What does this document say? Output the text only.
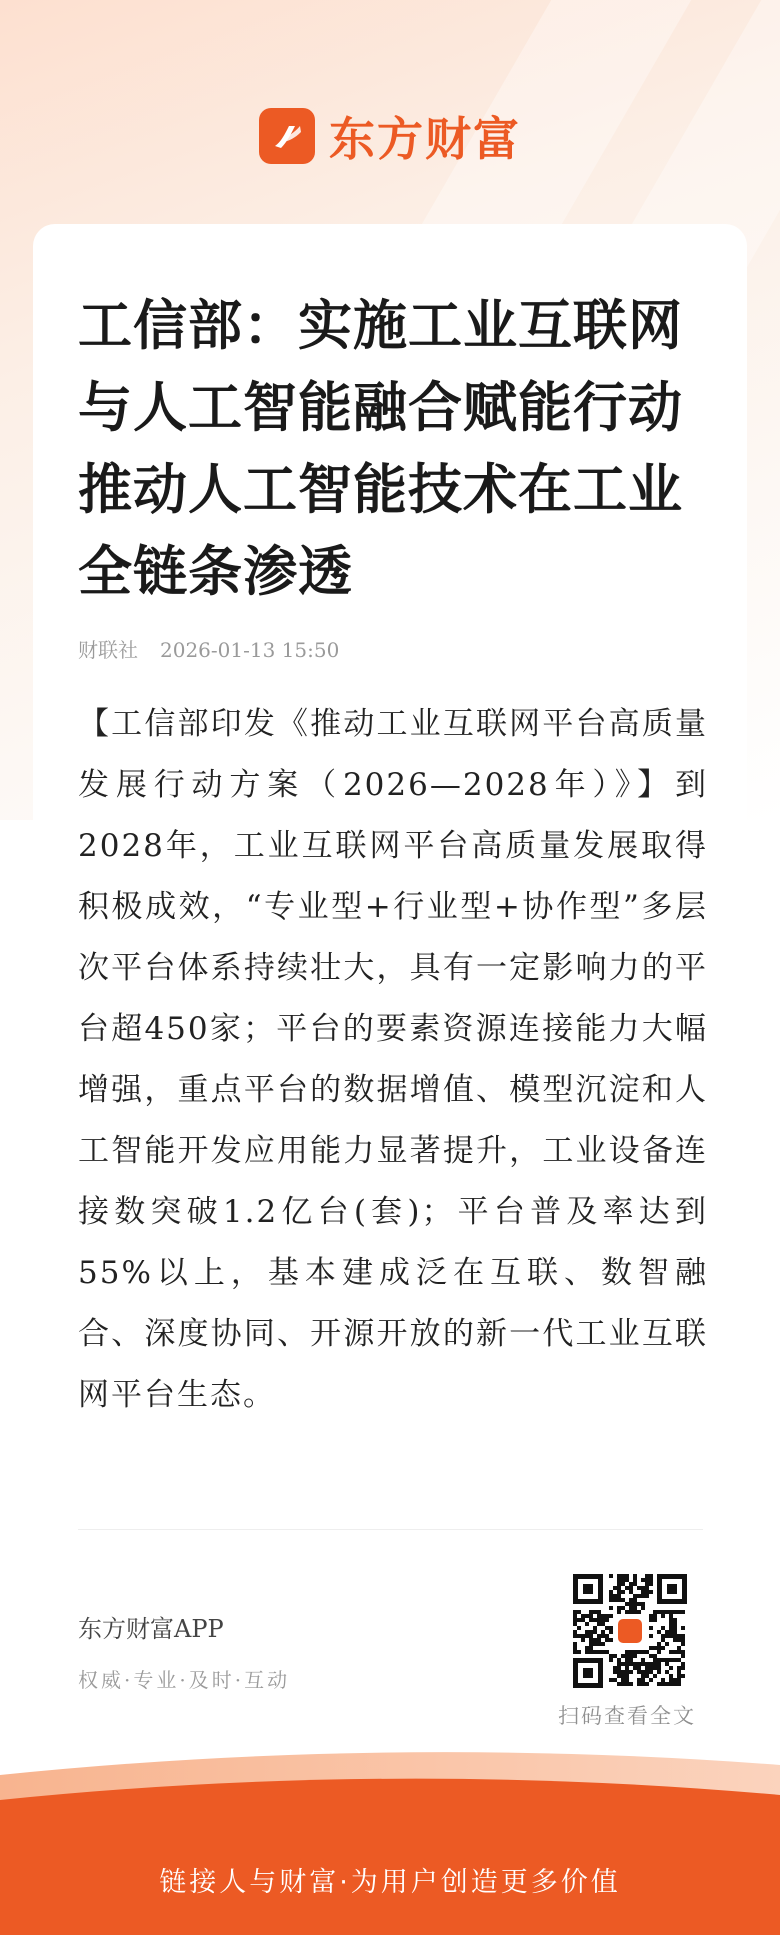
东方财富
工信部：实施工业互联网与人工智能融合赋能行动 推动人工智能技术在工业全链条渗透
财联社 2026-01-13 15:50

【工信部印发《推动工业互联网平台高质量发展行动方案（2026—2028年）》】到2028年，工业互联网平台高质量发展取得积极成效，“专业型+行业型+协作型”多层次平台体系持续壮大，具有一定影响力的平台超450家；平台的要素资源连接能力大幅增强，重点平台的数据增值、模型沉淀和人工智能开发应用能力显著提升，工业设备连接数突破1.2亿台(套)；平台普及率达到55%以上，基本建成泛在互联、数智融合、深度协同、开源开放的新一代工业互联网平台生态。

东方财富APP
权威·专业·及时·互动
扫码查看全文
链接人与财富·为用户创造更多价值
